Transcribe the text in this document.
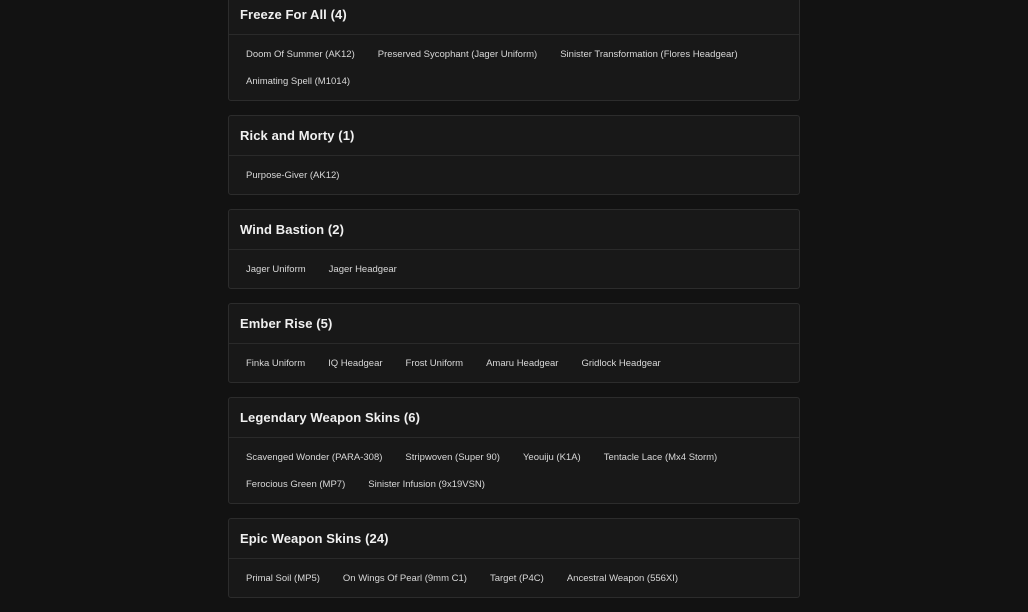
Freeze For All (4)
Doom Of Summer (AK12)	Preserved Sycophant (Jager Uniform)	Sinister Transformation (Flores Headgear)
Animating Spell (M1014)
Rick and Morty (1)
Purpose-Giver (AK12)
Wind Bastion (2)
Jager Uniform	Jager Headgear
Ember Rise (5)
Finka Uniform	IQ Headgear	Frost Uniform	Amaru Headgear	Gridlock Headgear
Legendary Weapon Skins (6)
Scavenged Wonder (PARA-308)	Stripwoven (Super 90)	Yeouiju (K1A)	Tentacle Lace (Mx4 Storm)
Ferocious Green (MP7)	Sinister Infusion (9x19VSN)
Epic Weapon Skins (24)
Primal Soil (MP5)	On Wings Of Pearl (9mm C1)	Target (P4C)	Ancestral Weapon (556XI)
